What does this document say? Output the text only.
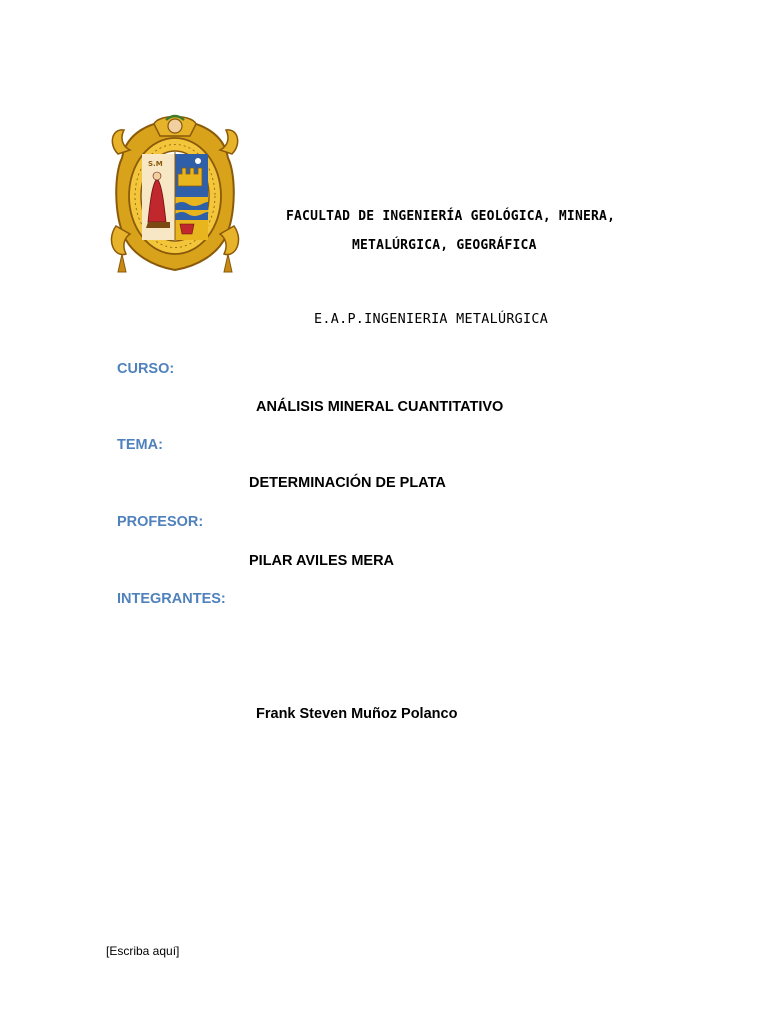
S.M
FACULTAD DE INGENIERÍA GEOLÓGICA, MINERA,
METALÚRGICA, GEOGRÁFICA
E.A.P.INGENIERIA METALÚRGICA
CURSO:
ANÁLISIS MINERAL CUANTITATIVO
TEMA:
DETERMINACIÓN DE PLATA
PROFESOR:
PILAR AVILES MERA
INTEGRANTES:
Frank Steven Muñoz Polanco
[Escriba aquí]
